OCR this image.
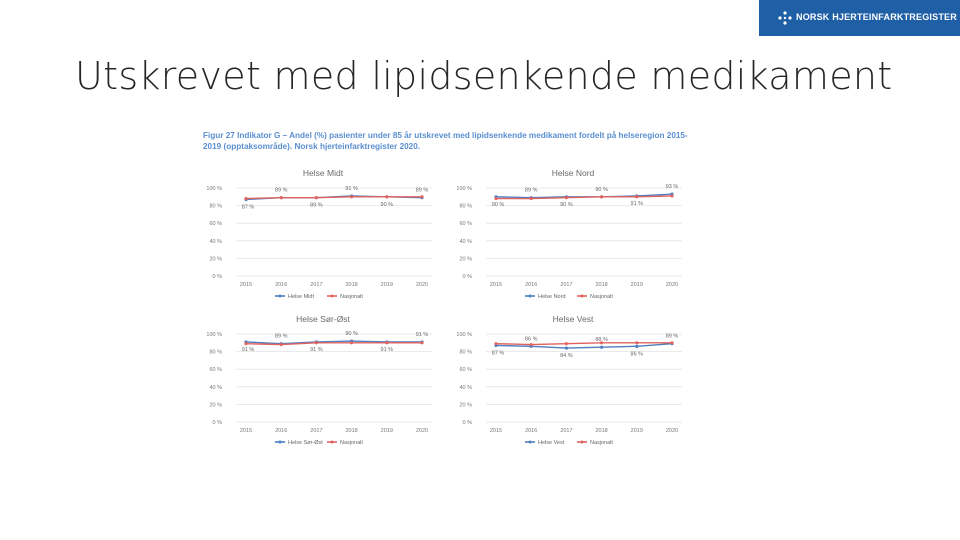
NORSK HJERTEINFARKTREGISTER
Utskrevet med lipidsenkende medikament
Figur 27 Indikator G – Andel (%) pasienter under 85 år utskrevet med lipidsenkende medikament fordelt på helseregion 2015-2019 (opptaksområde). Norsk hjerteinfarktregister 2020.
Helse Midt
0 %
20 %
40 %
60 %
80 %
100 %
2015	2016	2017	2018	2019	2020
87 %
89 %
89 %
91 %
90 %
89 %
Helse Midt	Nasjonalt
Helse Nord
0 %
20 %
40 %
60 %
80 %
100 %
2015	2016	2017	2018	2019	2020
90 %
89 %
90 %
90 %
91 %
93 %
Helse Nord	Nasjonalt
Helse Sør-Øst
0 %
20 %
40 %
60 %
80 %
100 %
2015	2016	2017	2018	2019	2020
91 %
89 %
91 %
90 %
91 %
91 %
Helse Sør-Øst	Nasjonalt
Helse Vest
0 %
20 %
40 %
60 %
80 %
100 %
2015	2016	2017	2018	2019	2020
87 %
86 %
84 %
88 %
86 %
89 %
Helse Vest	Nasjonalt
